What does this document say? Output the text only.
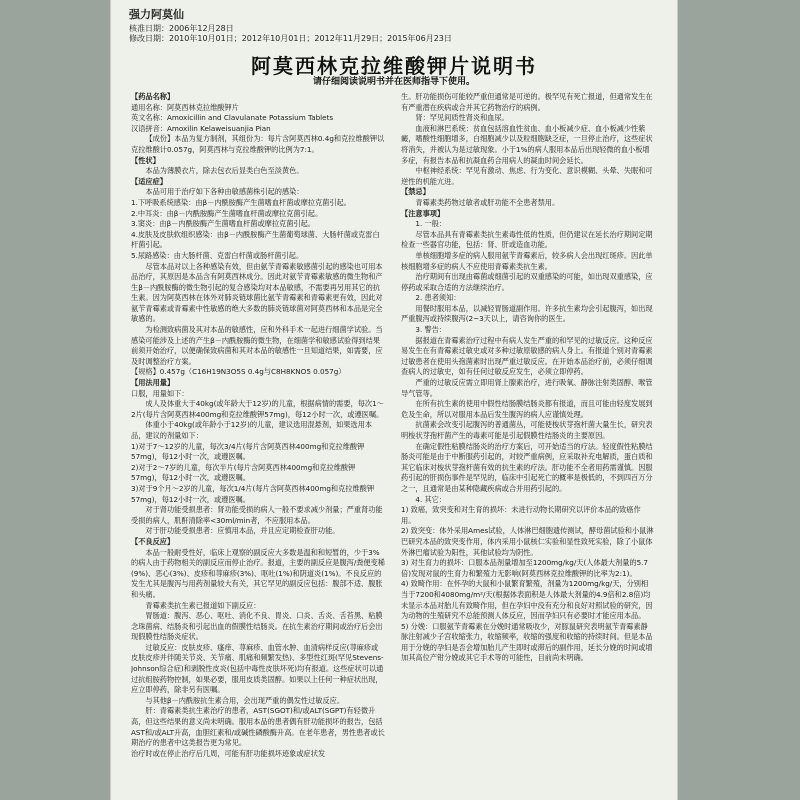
强力阿莫仙
核准日期：2006年12月28日
修改日期：2010年10月01日；2012年10月01日；2012年11月29日；2015年06月23日
阿莫西林克拉维酸钾片说明书
请仔细阅读说明书并在医师指导下使用。

【药品名称】

通用名称：阿莫西林克拉维酸钾片

英文名称：Amoxicillin and Clavulanate Potassium Tablets

汉语拼音：Amoxilin Kelaweisuanjia Pian

【成份】本品为复方制剂，其组份为：每片含阿莫西林0.4g和克拉维酸钾以克拉维酸计0.057g，阿莫西林与克拉维酸钾的比例为7:1。

【性状】

本品为薄膜衣片，除去包衣后显类白色至淡黄色。

【适应症】

本品可用于治疗如下各种由敏感菌株引起的感染：

1.下呼吸系统感染：由β－内酰胺酶产生菌嗜血杆菌或摩拉克菌引起。

2.中耳炎：由β－内酰胺酶产生菌嗜血杆菌或摩拉克菌引起。

3.窦炎：由β－内酰胺酶产生菌嗜血杆菌或摩拉克菌引起。

4.皮肤及皮肤软组织感染：由β－内酰胺酶产生菌葡萄球菌、大肠杆菌或克雷白杆菌引起。

5.尿路感染：由大肠杆菌、克雷白杆菌或肠杆菌引起。

尽管本品对以上各种感染有效，但由氨苄青霉素敏感菌引起的感染也可用本品治疗，其原因是本品含有阿莫西林成分。因此对氨苄青霉素敏感的微生物和产生β－内酰胺酶的微生物引起的复合感染均对本品敏感，不需要再另用其它的抗生素。因为阿莫西林在体外对肺炎链球菌比氨苄青霉素和青霉素更有效，因此对氨苄青霉素或青霉素中性敏感的绝大多数的肺炎链球菌对阿莫西林和本品是完全敏感的。

为检测致病菌及其对本品的敏感性，应和外科手术一起进行细菌学试验。当感染可能涉及上述的产生β－内酰胺酶的微生物，在细菌学和敏感试验得到结果前须开始治疗，以便确保致病菌和其对本品的敏感性一旦知道结果，如需要，应及时调整治疗方案。

【规格】0.457g（C16H19N3O5S 0.4g与C8H8KNO5 0.057g）

【用法用量】

口服，用量如下：

成人及体重大于40kg(或年龄大于12岁)的儿童，根据病情的需要，每次1～2片(每片含阿莫西林400mg和克拉维酸钾57mg)，每12小时一次，或遵医嘱。

体重小于40kg(或年龄小于12岁)的儿童，建议选用混悬剂，如果选用本品，建议的剂量如下：

1)对于7～12岁的儿童，每次3/4片(每片含阿莫西林400mg和克拉维酸钾57mg)，每12小时一次，或遵医嘱。

2)对于2～7岁的儿童，每次半片(每片含阿莫西林400mg和克拉维酸钾57mg)，每12小时一次，或遵医嘱。

3)对于9个月～2岁的儿童，每次1/4片(每片含阿莫西林400mg和克拉维酸钾57mg)，每12小时一次，或遵医嘱。

对于肾功能受损患者：肾功能受损的病人一般不要求减少剂量；严重肾功能受损的病人，肌酐清除率<30ml/min者，不应服用本品。

对于肝功能受损患者：应慎用本品，并且应定期检查肝功能。

【不良反应】

本品一般耐受性好，临床上观察的副反应大多数是温和和短暂的，少于3%的病人由于药物相关的副反应而停止治疗。报道，主要的副反应是腹泻/粪便变稀(9%)、恶心(3%)、皮疹和荨麻疹(3%)、呕吐(1%)和阴道炎(1%)。不良反应的发生尤其是腹泻与用药剂量较大有关，其它罕见的副反应包括：腹部不适、腹胀和头痛。

青霉素类抗生素已报道如下副反应：

胃肠道：腹泻、恶心、呕吐、消化不良、胃炎、口炎、舌炎、舌苔黑、粘膜念珠菌病、结肠炎和引起出血的假膜性结肠炎。在抗生素治疗期间或治疗后会出现假膜性结肠炎症状。

过敏反应：皮肤皮疹、瘙痒、荨麻疹、血管水肿、血清病样反应(荨麻疹或皮肤皮疹并伴随关节炎、关节痛、肌痛和频繁发热)、多型性红斑(罕见Stevens-Johnson综合症)和剥脱性皮炎(包括中毒性皮肤坏死)均有报道。这些症状可以通过抗组胺药物控制，如果必要，服用皮质类固醇。如果以上任何一种症状出现，应立即停药，除非另有医嘱。

与其他β－内酰胺抗生素合用，会出现严重的偶发性过敏反应。

肝：青霉素类抗生素治疗的患者，AST(SGOT)和/或ALT(SGPT)有轻微升高，但这些结果的意义尚未明确。服用本品的患者偶有肝功能损坏的报告，包括AST和/或ALT升高，血胆红素和/或碱性磷酸酶升高。在老年患者，男性患者或长期治疗的患者中这类报告更为常见。

治疗时或在停止治疗后几周，可能有肝功能损坏迹象或症状发

生。肝功能损伤可能较严重但通常是可逆的。极罕见有死亡报道，但通常发生在有严重潜在疾病或合并其它药物治疗的病例。

肾：罕见间质性肾炎和血尿。

血液和淋巴系统：贫血包括溶血性贫血、血小板减少症、血小板减少性紫癜，嗜酸性细胞增多，白细胞减少以及粒细胞缺乏症，一旦停止治疗，这些症状将消失，并被认为是过敏现象。小于1%的病人服用本品后出现轻微的血小板增多症，有报告本品和抗凝血药合用病人的凝血时间会延长。

中枢神经系统：罕见有激动、焦虑、行为变化、意识模糊、头晕、失眠和可逆性的机能亢进。

【禁忌】

青霉素类药物过敏者或肝功能不全患者禁用。

【注意事项】

1. 一般：

尽管本品具有青霉素类抗生素毒性低的性质，但仍建议在延长治疗期间定期检查一些器官功能，包括：肾、肝或造血功能。

单核细胞增多症的病人服用氨苄青霉素后，较多病人会出现红斑疹。因此单核细胞增多症的病人不应使用青霉素类抗生素。

治疗期间有出现由霉菌或细菌引起的双重感染的可能，如出现双重感染，应停药或采取合适的方法继续治疗。

2. 患者须知：

用餐时服用本品，以减轻胃肠道副作用。许多抗生素均会引起腹泻，如出现严重腹泻或持续腹泻(2~3天以上，请咨询你的医生。

3. 警告：

据报道在青霉素治疗过程中有病人发生严重的和罕见的过敏反应。这种反应易发生在有青霉素过敏史或对多种过敏原敏感的病人身上。有报道个别对青霉素过敏患者在使用头孢菌素时出现严重过敏反应。在开始本品治疗前，必须仔细调查病人的过敏史，如有任何过敏反应发生，必须立即停药。

严重的过敏反应需立即用肾上腺素治疗，进行吸氧、静脉注射类固醇、喉管导气管等。

在所有抗生素的使用中假性结肠膜结肠炎都有报道，而且可能由轻度发展到危及生命，所以对服用本品后发生腹泻的病人应谨慎处理。

抗菌素会改变引起腹泻的普通菌丛，可能使梭状芽孢杆菌大量生长，研究表明梭状芽孢杆菌产生的毒素可能是引起假膜性结肠炎的主要原因。

在确定假性粘膜结肠炎的治疗方案后，可开始适当的疗法。轻度假性粘膜结肠炎可能是由于中断服药引起的，对较严重病例，应采取补充电解质，蛋白质和其它临床对梭状芽孢杆菌有效的抗生素的疗法。肝功能不全者用药需谨慎。因服药引起的肝损伤事件是罕见的，临床中引起死亡的概率是极低的，不到四百万分之一，且通常是由某种隐藏疾病或合并用药引起的。

4. 其它：

1) 致癌，致突变和对生育的损坏：未进行动物长期研究以评价本品的致癌作用。

2) 致突变：体外采用Ames试验，人体淋巴细胞遗传测试，酵母菌试验和小鼠淋巴研究本品的致突变作用，体内采用小鼠核仁实验和显性致死实验，除了小鼠体外淋巴瘤试验为阳性，其他试验均为阴性。

3) 对生育力的损坏：口服本品剂量增加至1200mg/kg/天(人体最大剂量的5.7倍)发现对鼠的生育力和繁殖力无影响(阿莫西林克拉维酸钾的比率为2:1)。

4) 致畸作用：在怀孕的大鼠和小鼠繁育繁殖，剂量为1200mg/kg/天，分别相当于7200和4080mg/m²/天(根据体表面积是人体最大剂量的4.9倍和2.8倍)均未显示本品对胎儿有致畸作用，但在孕妇中没有充分和良好对照试验的研究，因为动物的生殖研究不总能预测人体反应，因而孕妇只有必要时才能应用本品。

5) 分娩：口服氨苄青霉素在分娩时通常吸收少，对豚鼠研究表明氨苄青霉素静脉注射减少子宫收缩张力，收缩频率，收缩的强度和收缩的持续时间。但是本品用于分娩的孕妇是否会增加胎儿产生即时或滞后的副作用，延长分娩的时间或增加其高位产钳分娩或其它手术等的可能性，目前尚未明确。
